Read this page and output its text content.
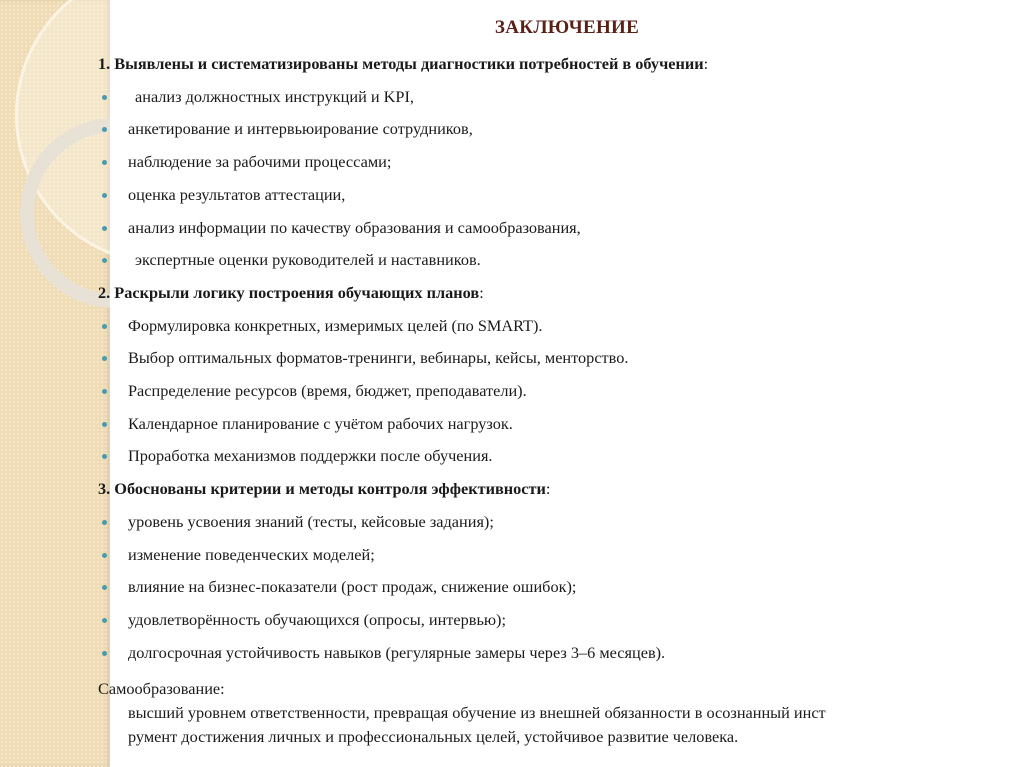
ЗАКЛЮЧЕНИЕ
1. Выявлены и систематизированы методы диагностики потребностей в обучении:
анализ должностных инструкций и KPI,
анкетирование и интервьюирование сотрудников,
наблюдение за рабочими процессами;
оценка результатов аттестации,
анализ информации по качеству образования и самообразования,
экспертные оценки руководителей и наставников.
2. Раскрыли логику построения обучающих планов:
Формулировка конкретных, измеримых целей (по SMART).
Выбор оптимальных форматов-тренинги, вебинары, кейсы, менторство.
Распределение ресурсов (время, бюджет, преподаватели).
Календарное планирование с учётом рабочих нагрузок.
Проработка механизмов поддержки после обучения.
3. Обоснованы критерии и методы контроля эффективности:
уровень усвоения знаний (тесты, кейсовые задания);
изменение поведенческих моделей;
влияние на бизнес-показатели (рост продаж, снижение ошибок);
удовлетворённость обучающихся (опросы, интервью);
долгосрочная устойчивость навыков (регулярные замеры через 3–6 месяцев).
Самообразование:
высший уровнем ответственности, превращая обучение из внешней обязанности в осознанный инст
румент достижения личных и профессиональных целей, устойчивое развитие человека.
